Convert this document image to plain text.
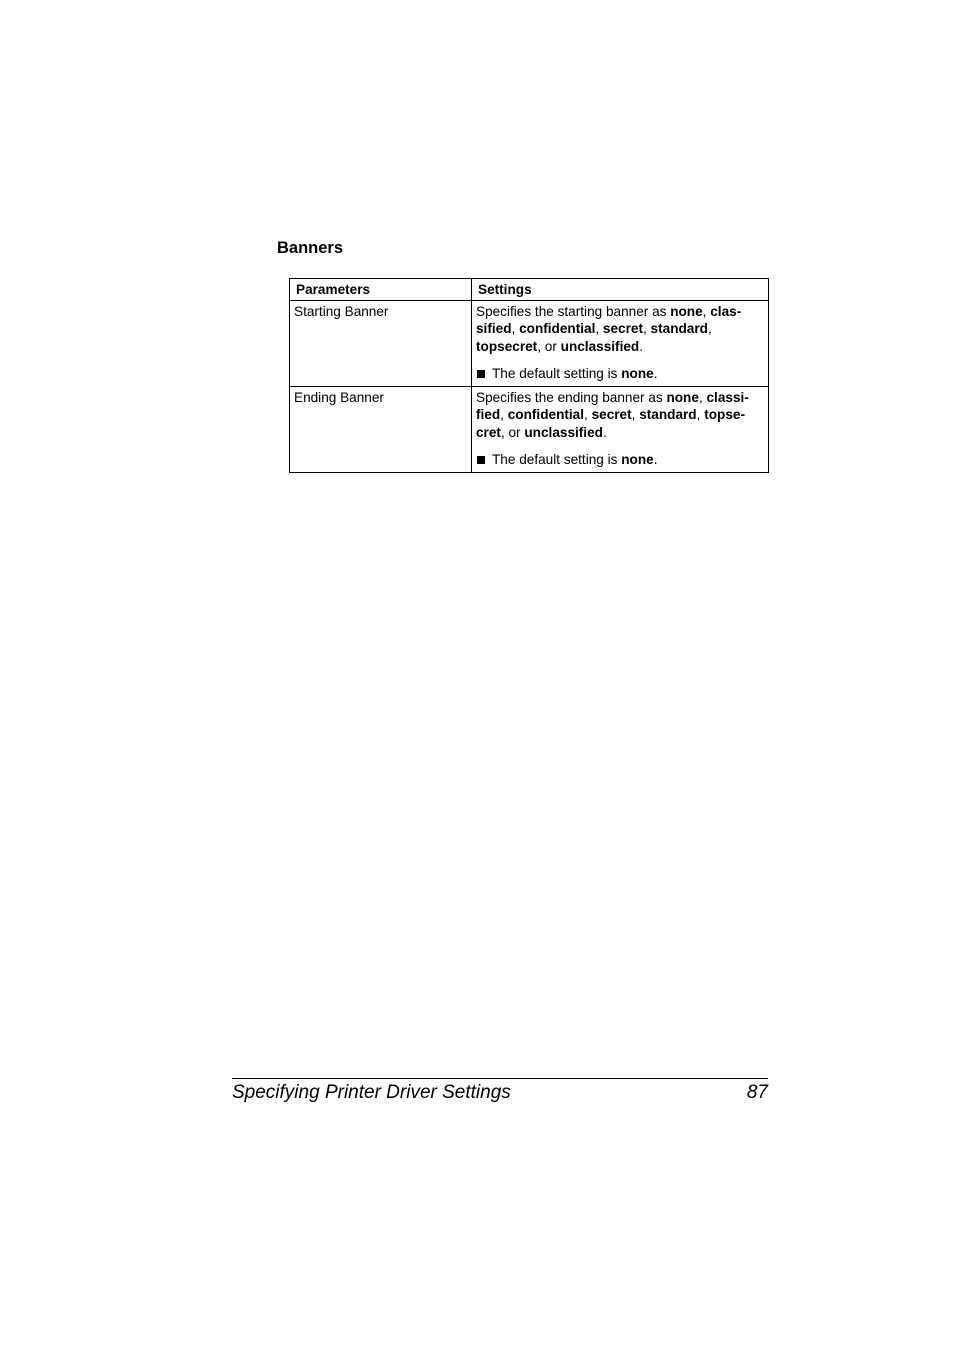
Banners
Parameters	Settings
Starting Banner	Specifies the starting banner as none, clas-sified, confidential, secret, standard,
topsecret, or unclassified.

The default setting is none.

Ending Banner	Specifies the ending banner as none, classi-fied, confidential, secret, standard, topse-cret, or unclassified.

The default setting is none.

Specifying Printer Driver Settings	87
